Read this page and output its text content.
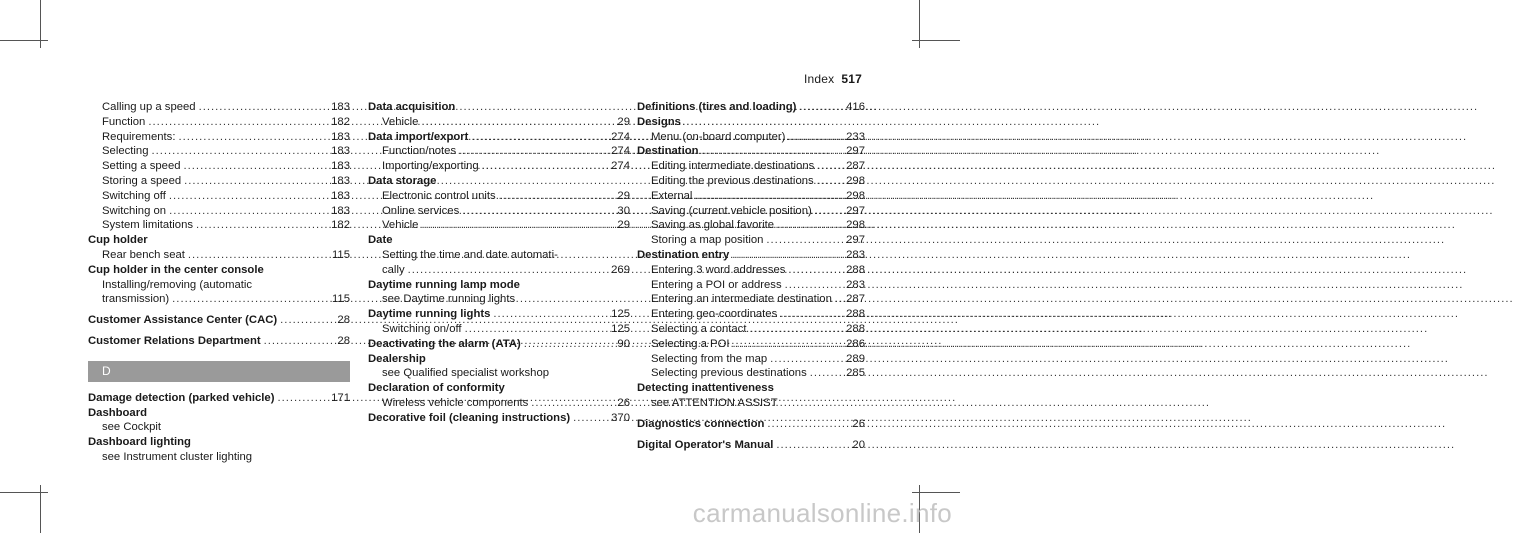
Index 517
Calling up a speed .....	183
Function .....	182
Requirements: .....	183
Selecting .....	183
Setting a speed .....	183
Storing a speed .....	183
Switching off .....	183
Switching on .....	183
System limitations .....	182
Cup holder
Rear bench seat .....	115
Cup holder in the center console
Installing/removing (automatic
transmission) .....	115
Customer Assistance Center (CAC) .....	28
Customer Relations Department .....	28
D
Damage detection (parked vehicle) .....	171
Dashboard
see Cockpit
Dashboard lighting
see Instrument cluster lighting
Data acquisition
Vehicle .....	29
Data import/export .....	274
Function/notes .....	274
Importing/exporting .....	274
Data storage
Electronic control units .....	29
Online services .....	30
Vehicle .....	29
Date
Setting the time and date automati-
cally .....	269
Daytime running lamp mode
see Daytime running lights
Daytime running lights .....	125
Switching on/off .....	125
Deactivating the alarm (ATA) .....	90
Dealership
see Qualified specialist workshop
Declaration of conformity
Wireless vehicle components .....	26
Decorative foil (cleaning instructions) .....	370
Definitions (tires and loading) .....	416
Designs
Menu (on-board computer) .....	233
Destination .....	297
Editing intermediate destinations .....	287
Editing the previous destinations .....	298
External .....	298
Saving (current vehicle position) .....	297
Saving as global favorite .....	298
Storing a map position .....	297
Destination entry .....	283
Entering 3 word addresses .....	288
Entering a POI or address .....	283
Entering an intermediate destination ..... 287
Entering geo-coordinates .....	288
Selecting a contact .....	288
Selecting a POI .....	286
Selecting from the map .....	289
Selecting previous destinations .....	285
Detecting inattentiveness
see ATTENTION ASSIST
Diagnostics connection .....	26
Digital Operator's Manual .....	20
carmanualsonline.info
